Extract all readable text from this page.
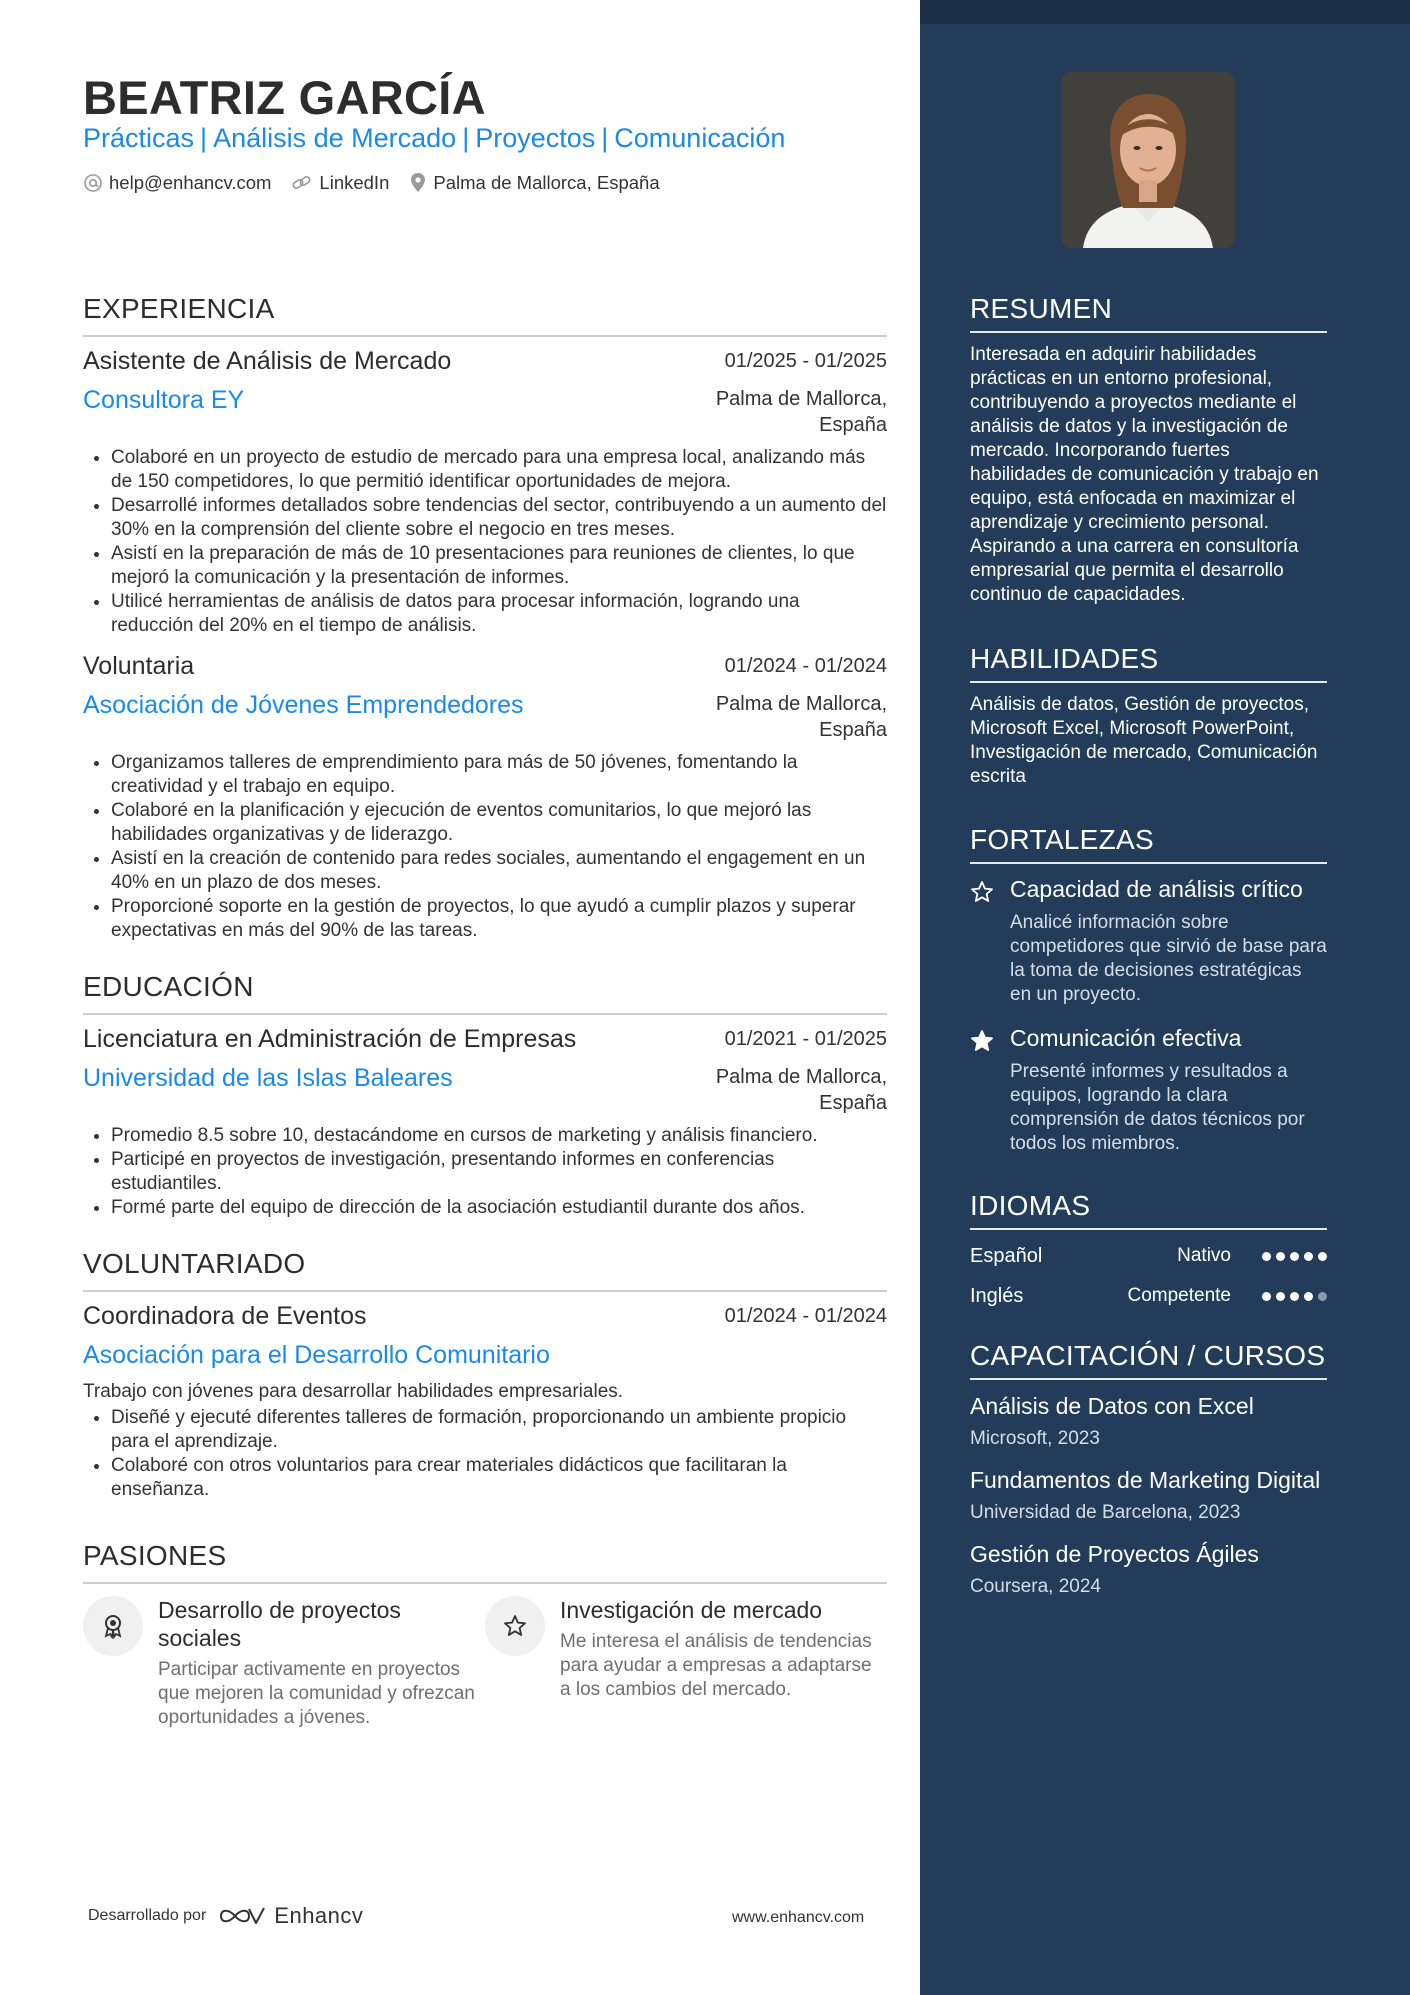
BEATRIZ GARCÍA
Prácticas | Análisis de Mercado | Proyectos | Comunicación
help@enhancv.com	LinkedIn Palma de Mallorca, España
EXPERIENCIA
Asistente de Análisis de Mercado	01/2025 - 01/2025
Consultora EY	Palma de Mallorca,
España
• Colaboré en un proyecto de estudio de mercado para una empresa local, analizando más de 150 competidores, lo que permitió identificar oportunidades de mejora.
• Desarrollé informes detallados sobre tendencias del sector, contribuyendo a un aumento del 30% en la comprensión del cliente sobre el negocio en tres meses.
• Asistí en la preparación de más de 10 presentaciones para reuniones de clientes, lo que mejoró la comunicación y la presentación de informes.
• Utilicé herramientas de análisis de datos para procesar información, logrando una reducción del 20% en el tiempo de análisis.
Voluntaria	01/2024 - 01/2024
Asociación de Jóvenes Emprendedores	Palma de Mallorca,
España
• Organizamos talleres de emprendimiento para más de 50 jóvenes, fomentando la creatividad y el trabajo en equipo.
• Colaboré en la planificación y ejecución de eventos comunitarios, lo que mejoró las habilidades organizativas y de liderazgo.
• Asistí en la creación de contenido para redes sociales, aumentando el engagement en un 40% en un plazo de dos meses.
• Proporcioné soporte en la gestión de proyectos, lo que ayudó a cumplir plazos y superar expectativas en más del 90% de las tareas.
EDUCACIÓN
Licenciatura en Administración de Empresas	01/2021 - 01/2025
Universidad de las Islas Baleares	Palma de Mallorca,
España
• Promedio 8.5 sobre 10, destacándome en cursos de marketing y análisis financiero.
• Participé en proyectos de investigación, presentando informes en conferencias estudiantiles.
• Formé parte del equipo de dirección de la asociación estudiantil durante dos años.
VOLUNTARIADO
Coordinadora de Eventos	01/2024 - 01/2024
Asociación para el Desarrollo Comunitario
Trabajo con jóvenes para desarrollar habilidades empresariales.
• Diseñé y ejecuté diferentes talleres de formación, proporcionando un ambiente propicio para el aprendizaje.
• Colaboré con otros voluntarios para crear materiales didácticos que facilitaran la enseñanza.
PASIONES
Desarrollo de proyectos sociales
Participar activamente en proyectos que mejoren la comunidad y ofrezcan oportunidades a jóvenes.
Investigación de mercado
Me interesa el análisis de tendencias para ayudar a empresas a adaptarse a los cambios del mercado.
Desarrollado por	Enhancv	www.enhancv.com
RESUMEN
Interesada en adquirir habilidades prácticas en un entorno profesional, contribuyendo a proyectos mediante el análisis de datos y la investigación de mercado. Incorporando fuertes habilidades de comunicación y trabajo en equipo, está enfocada en maximizar el aprendizaje y crecimiento personal. Aspirando a una carrera en consultoría empresarial que permita el desarrollo continuo de capacidades.
HABILIDADES
Análisis de datos, Gestión de proyectos, Microsoft Excel, Microsoft PowerPoint, Investigación de mercado, Comunicación escrita
FORTALEZAS
Capacidad de análisis crítico
Analicé información sobre competidores que sirvió de base para la toma de decisiones estratégicas en un proyecto.
Comunicación efectiva
Presenté informes y resultados a equipos, logrando la clara comprensión de datos técnicos por todos los miembros.
IDIOMAS
Español	Nativo
Inglés	Competente
CAPACITACIÓN / CURSOS
Análisis de Datos con Excel
Microsoft, 2023
Fundamentos de Marketing Digital
Universidad de Barcelona, 2023
Gestión de Proyectos Ágiles
Coursera, 2024
